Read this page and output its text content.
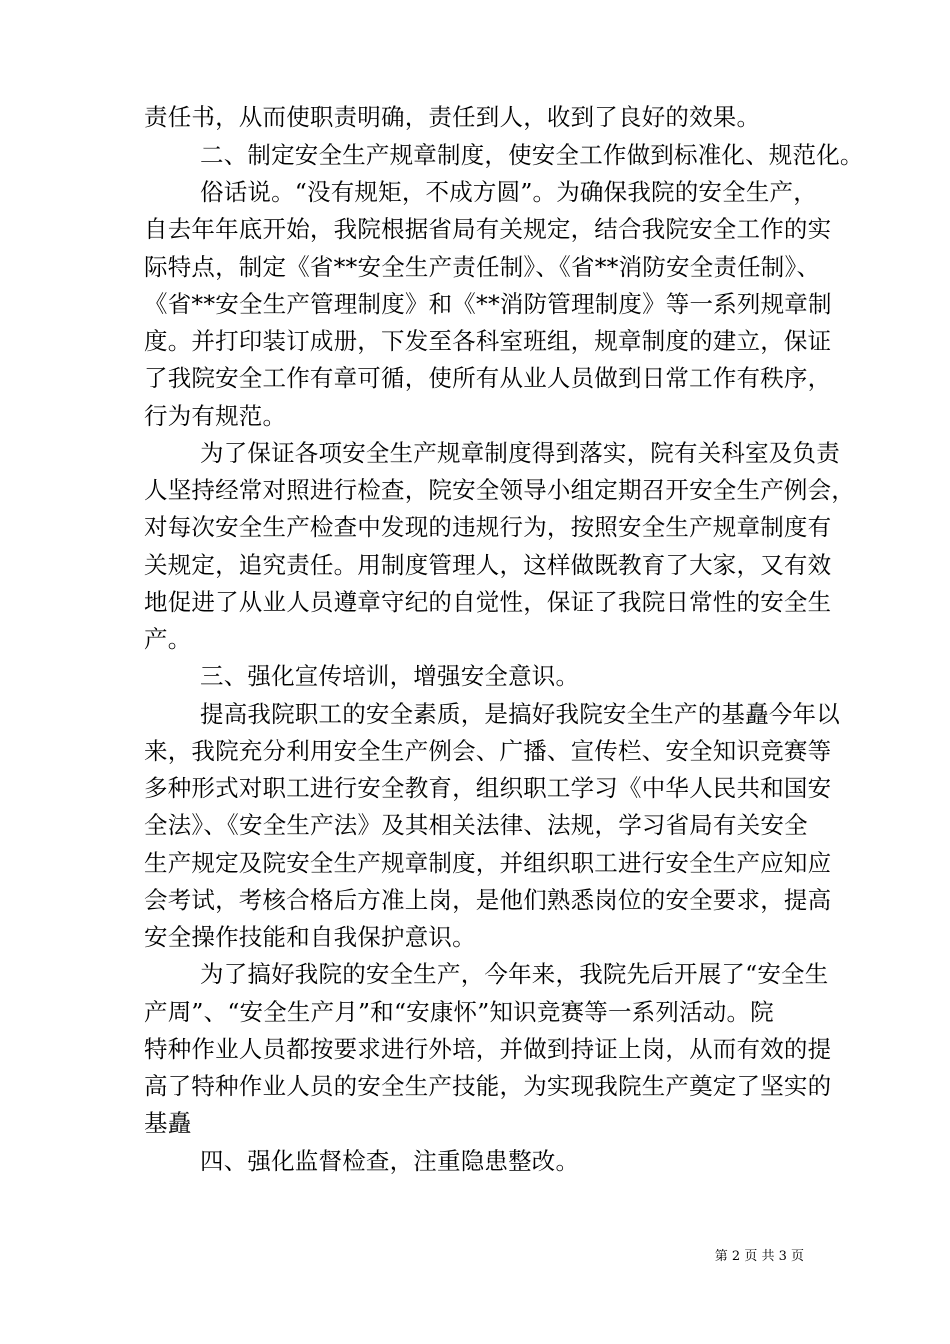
责任书，从而使职责明确，责任到人，收到了良好的效果。
二、制定安全生产规章制度，使安全工作做到标准化、规范化。
俗话说。“没有规矩，不成方圆”。为确保我院的安全生产，
自去年年底开始，我院根据省局有关规定，结合我院安全工作的实
际特点，制定《省**安全生产责任制》、《省**消防安全责任制》、
《省**安全生产管理制度》和《**消防管理制度》等一系列规章制
度。并打印装订成册，下发至各科室班组，规章制度的建立，保证
了我院安全工作有章可循，使所有从业人员做到日常工作有秩序，
行为有规范。
为了保证各项安全生产规章制度得到落实，院有关科室及负责
人坚持经常对照进行检查，院安全领导小组定期召开安全生产例会，
对每次安全生产检查中发现的违规行为，按照安全生产规章制度有
关规定，追究责任。用制度管理人，这样做既教育了大家，又有效
地促进了从业人员遵章守纪的自觉性，保证了我院日常性的安全生
产。
三、强化宣传培训，增强安全意识。
提高我院职工的安全素质，是搞好我院安全生产的基矗今年以
来，我院充分利用安全生产例会、广播、宣传栏、安全知识竞赛等
多种形式对职工进行安全教育，组织职工学习《中华人民共和国安
全法》、《安全生产法》及其相关法律、法规，学习省局有关安全
生产规定及院安全生产规章制度，并组织职工进行安全生产应知应
会考试，考核合格后方准上岗，是他们熟悉岗位的安全要求，提高
安全操作技能和自我保护意识。
为了搞好我院的安全生产，今年来，我院先后开展了“安全生
产周”、“安全生产月”和“安康怀”知识竞赛等一系列活动。院
特种作业人员都按要求进行外培，并做到持证上岗，从而有效的提
高了特种作业人员的安全生产技能，为实现我院生产奠定了坚实的
基矗
四、强化监督检查，注重隐患整改。
第 2 页 共 3 页
